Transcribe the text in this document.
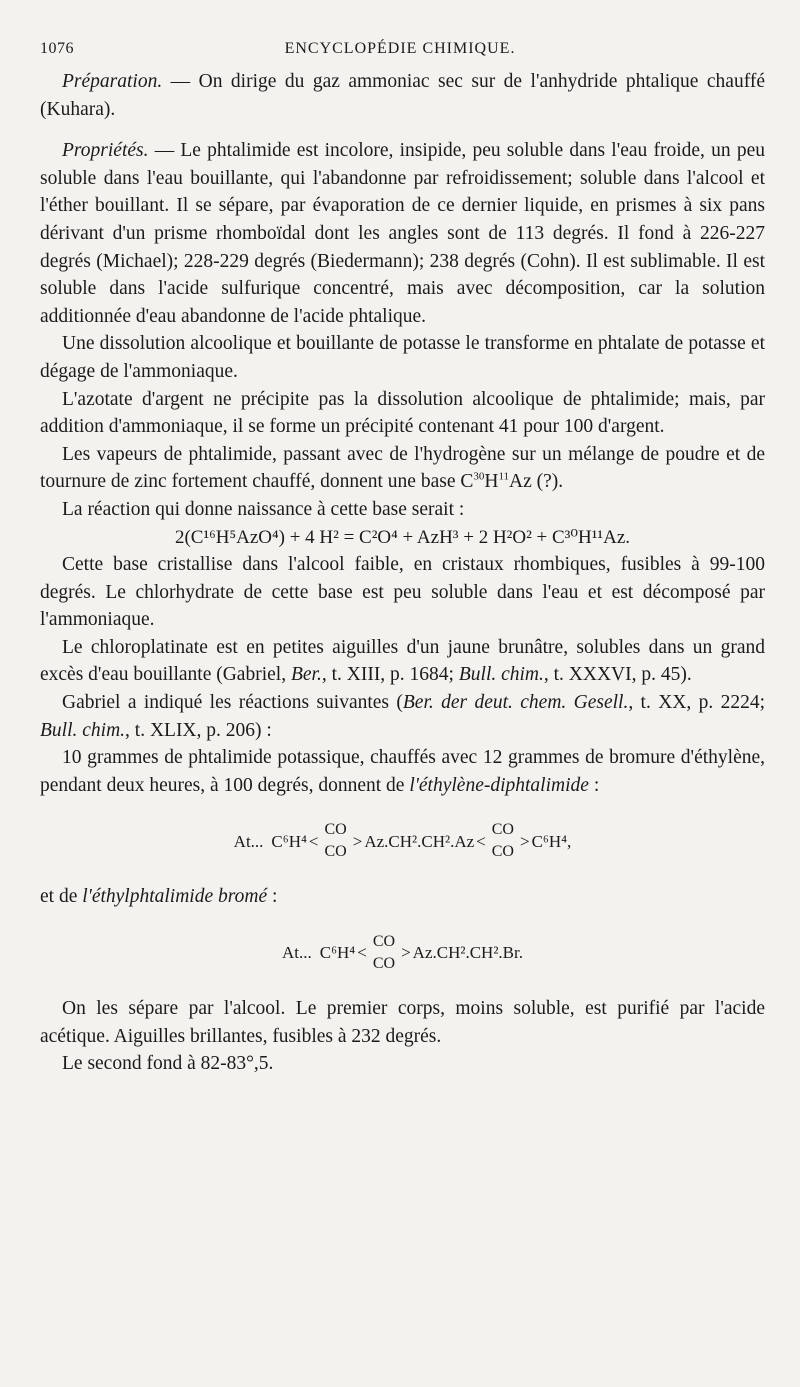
1076	ENCYCLOPÉDIE CHIMIQUE.

Préparation. — On dirige du gaz ammoniac sec sur de l'anhydride phtalique chauffé (Kuhara).

Propriétés. — Le phtalimide est incolore, insipide, peu soluble dans l'eau froide, un peu soluble dans l'eau bouillante, qui l'abandonne par refroidissement; soluble dans l'alcool et l'éther bouillant. Il se sépare, par évaporation de ce dernier liquide, en prismes à six pans dérivant d'un prisme rhomboïdal dont les angles sont de 113 degrés. Il fond à 226-227 degrés (Michael); 228-229 degrés (Biedermann); 238 degrés (Cohn). Il est sublimable. Il est soluble dans l'acide sulfurique concentré, mais avec décomposition, car la solution additionnée d'eau abandonne de l'acide phtalique.

Une dissolution alcoolique et bouillante de potasse le transforme en phtalate de potasse et dégage de l'ammoniaque.

L'azotate d'argent ne précipite pas la dissolution alcoolique de phtalimide; mais, par addition d'ammoniaque, il se forme un précipité contenant 41 pour 100 d'argent.

Les vapeurs de phtalimide, passant avec de l'hydrogène sur un mélange de poudre et de tournure de zinc fortement chauffé, donnent une base $C^{30}H^{11}Az$ (?).

La réaction qui donne naissance à cette base serait :

2(C¹⁶H⁵AzO⁴) + 4 H² = C²O⁴ + AzH³ + 2 H²O² + C³⁰H¹¹Az.

Cette base cristallise dans l'alcool faible, en cristaux rhombiques, fusibles à 99-100 degrés. Le chlorhydrate de cette base est peu soluble dans l'eau et est décomposé par l'ammoniaque.

Le chloroplatinate est en petites aiguilles d'un jaune brunâtre, solubles dans un grand excès d'eau bouillante (Gabriel, Ber., t. XIII, p. 1684; Bull. chim., t. XXXVI, p. 45).

Gabriel a indiqué les réactions suivantes (Ber. der deut. chem. Gesell., t. XX, p. 2224; Bull. chim., t. XLIX, p. 206) :

10 grammes de phtalimide potassique, chauffés avec 12 grammes de bromure d'éthylène, pendant deux heures, à 100 degrés, donnent de l'éthylène-diphtalimide :

At... C⁶H⁴ <
CO
CO
> Az.CH².CH².Az <
CO
CO
> C⁶H⁴,

et de l'éthylphtalimide bromé :

At... C⁶H⁴ <
CO
CO
> Az.CH².CH².Br.

On les sépare par l'alcool. Le premier corps, moins soluble, est purifié par l'acide acétique. Aiguilles brillantes, fusibles à 232 degrés.

Le second fond à 82-83°,5.
